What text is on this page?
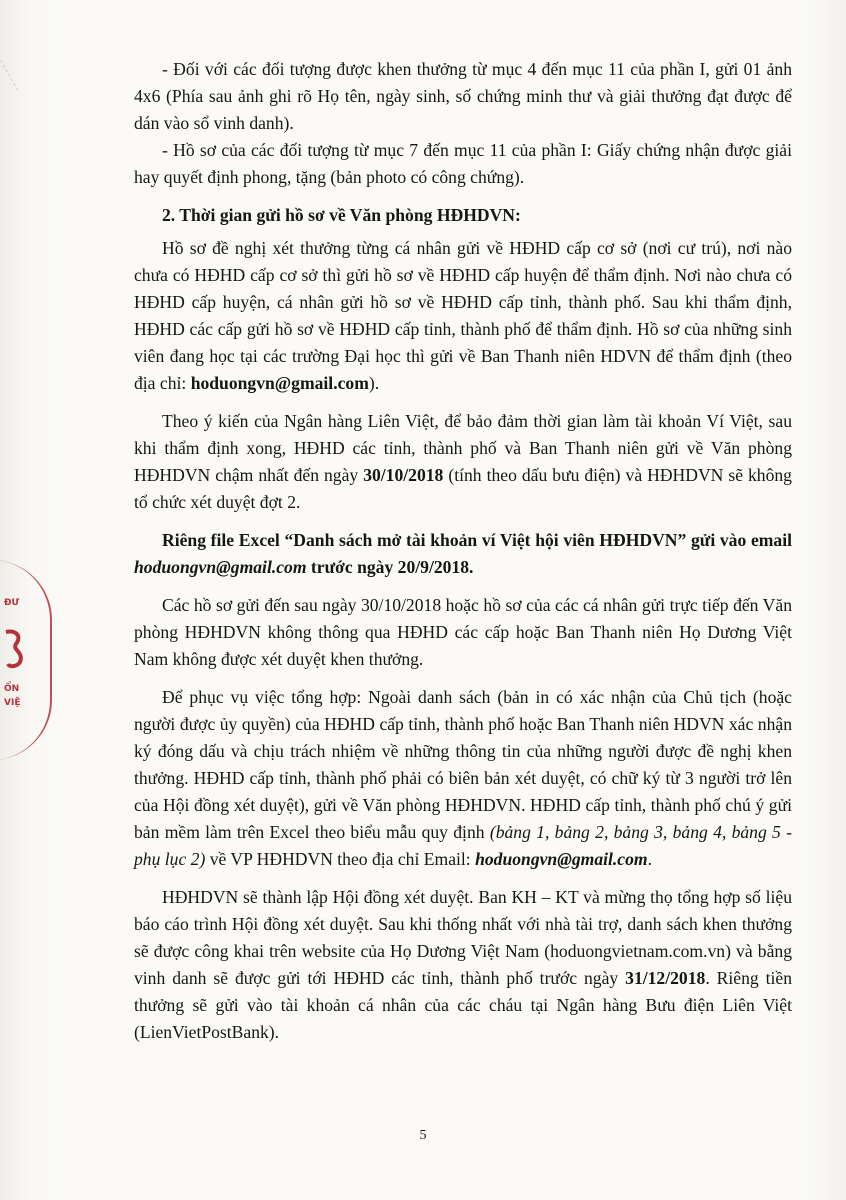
ĐƯ
ỔN
VIỆ

- Đối với các đối tượng được khen thưởng từ mục 4 đến mục 11 của phần I, gửi 01 ảnh 4x6 (Phía sau ảnh ghi rõ Họ tên, ngày sinh, số chứng minh thư và giải thưởng đạt được để dán vào sổ vinh danh).

- Hồ sơ của các đối tượng từ mục 7 đến mục 11 của phần I: Giấy chứng nhận được giải hay quyết định phong, tặng (bản photo có công chứng).

2. Thời gian gửi hồ sơ về Văn phòng HĐHDVN:

Hồ sơ đề nghị xét thưởng từng cá nhân gửi về HĐHD cấp cơ sở (nơi cư trú), nơi nào chưa có HĐHD cấp cơ sở thì gửi hồ sơ về HĐHD cấp huyện để thẩm định. Nơi nào chưa có HĐHD cấp huyện, cá nhân gửi hồ sơ về HĐHD cấp tỉnh, thành phố. Sau khi thẩm định, HĐHD các cấp gửi hồ sơ về HĐHD cấp tỉnh, thành phố để thẩm định. Hồ sơ của những sinh viên đang học tại các trường Đại học thì gửi về Ban Thanh niên HDVN để thẩm định (theo địa chỉ: hoduongvn@gmail.com).

Theo ý kiến của Ngân hàng Liên Việt, để bảo đảm thời gian làm tài khoản Ví Việt, sau khi thẩm định xong, HĐHD các tỉnh, thành phố và Ban Thanh niên gửi về Văn phòng HĐHDVN chậm nhất đến ngày 30/10/2018 (tính theo dấu bưu điện) và HĐHDVN sẽ không tổ chức xét duyệt đợt 2.

Riêng file Excel “Danh sách mở tài khoản ví Việt hội viên HĐHDVN” gửi vào email hoduongvn@gmail.com trước ngày 20/9/2018.

Các hồ sơ gửi đến sau ngày 30/10/2018 hoặc hồ sơ của các cá nhân gửi trực tiếp đến Văn phòng HĐHDVN không thông qua HĐHD các cấp hoặc Ban Thanh niên Họ Dương Việt Nam không được xét duyệt khen thưởng.

Để phục vụ việc tổng hợp: Ngoài danh sách (bản in có xác nhận của Chủ tịch (hoặc người được ủy quyền) của HĐHD cấp tỉnh, thành phố hoặc Ban Thanh niên HDVN xác nhận ký đóng dấu và chịu trách nhiệm về những thông tin của những người được đề nghị khen thưởng. HĐHD cấp tỉnh, thành phố phải có biên bản xét duyệt, có chữ ký từ 3 người trở lên của Hội đồng xét duyệt), gửi về Văn phòng HĐHDVN. HĐHD cấp tỉnh, thành phố chú ý gửi bản mềm làm trên Excel theo biểu mẫu quy định (bảng 1, bảng 2, bảng 3, bảng 4, bảng 5 - phụ lục 2) về VP HĐHDVN theo địa chỉ Email: hoduongvn@gmail.com.

HĐHDVN sẽ thành lập Hội đồng xét duyệt. Ban KH – KT và mừng thọ tổng hợp số liệu báo cáo trình Hội đồng xét duyệt. Sau khi thống nhất với nhà tài trợ, danh sách khen thưởng sẽ được công khai trên website của Họ Dương Việt Nam (hoduongvietnam.com.vn) và bằng vinh danh sẽ được gửi tới HĐHD các tỉnh, thành phố trước ngày 31/12/2018. Riêng tiền thưởng sẽ gửi vào tài khoản cá nhân của các cháu tại Ngân hàng Bưu điện Liên Việt (LienVietPostBank).

5
